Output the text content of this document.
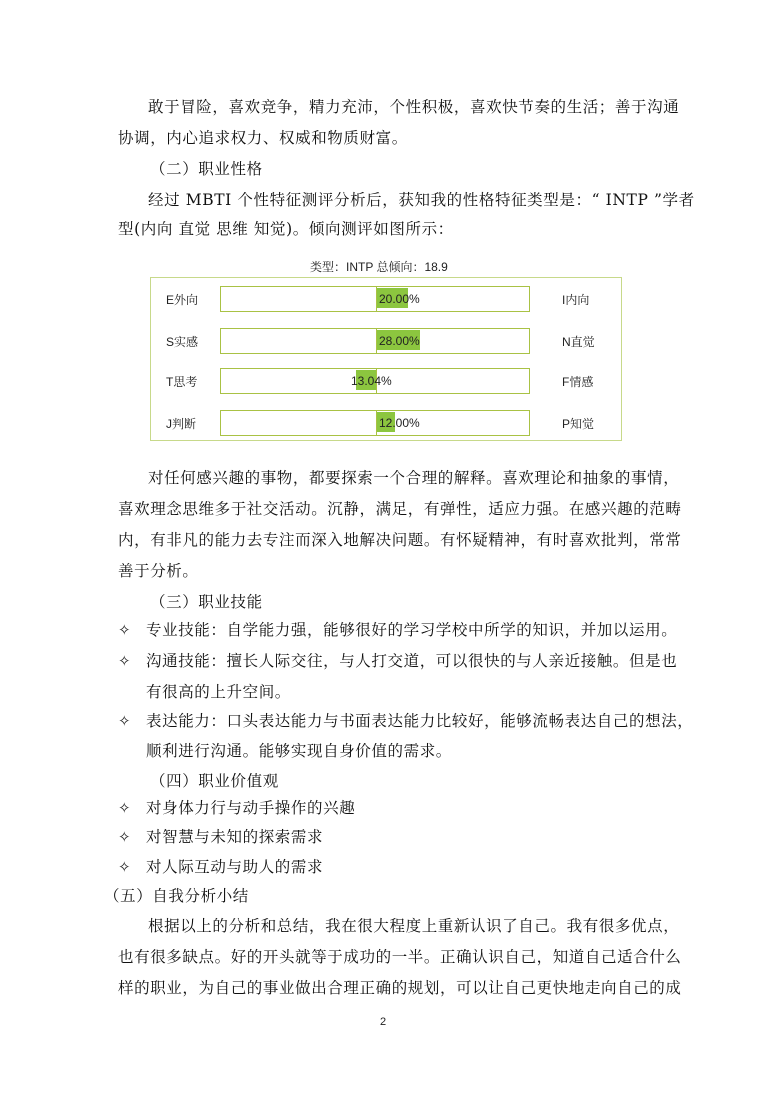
敢于冒险，喜欢竞争，精力充沛，个性积极，喜欢快节奏的生活；善于沟通
协调，内心追求权力、权威和物质财富。
（二）职业性格
经过 MBTI 个性特征测评分析后，获知我的性格特征类型是：“ INTP ”学者
型(内向 直觉 思维 知觉)。倾向测评如图所示：
类型：INTP 总倾向：18.9
E外向	20.00%	I内向
S实感	28.00%	N直觉
T思考	13.04%	F情感
J判断	12.00%	P知觉
对任何感兴趣的事物，都要探索一个合理的解释。喜欢理论和抽象的事情，
喜欢理念思维多于社交活动。沉静，满足，有弹性，适应力强。在感兴趣的范畴
内，有非凡的能力去专注而深入地解决问题。有怀疑精神，有时喜欢批判，常常
善于分析。
（三）职业技能
✧ 专业技能：自学能力强，能够很好的学习学校中所学的知识，并加以运用。
✧ 沟通技能：擅长人际交往，与人打交道，可以很快的与人亲近接触。但是也
有很高的上升空间。
✧ 表达能力：口头表达能力与书面表达能力比较好，能够流畅表达自己的想法，
顺利进行沟通。能够实现自身价值的需求。
（四）职业价值观
✧ 对身体力行与动手操作的兴趣
✧ 对智慧与未知的探索需求
✧ 对人际互动与助人的需求
（五）自我分析小结
根据以上的分析和总结，我在很大程度上重新认识了自己。我有很多优点，
也有很多缺点。好的开头就等于成功的一半。正确认识自己，知道自己适合什么
样的职业，为自己的事业做出合理正确的规划，可以让自己更快地走向自己的成
2
